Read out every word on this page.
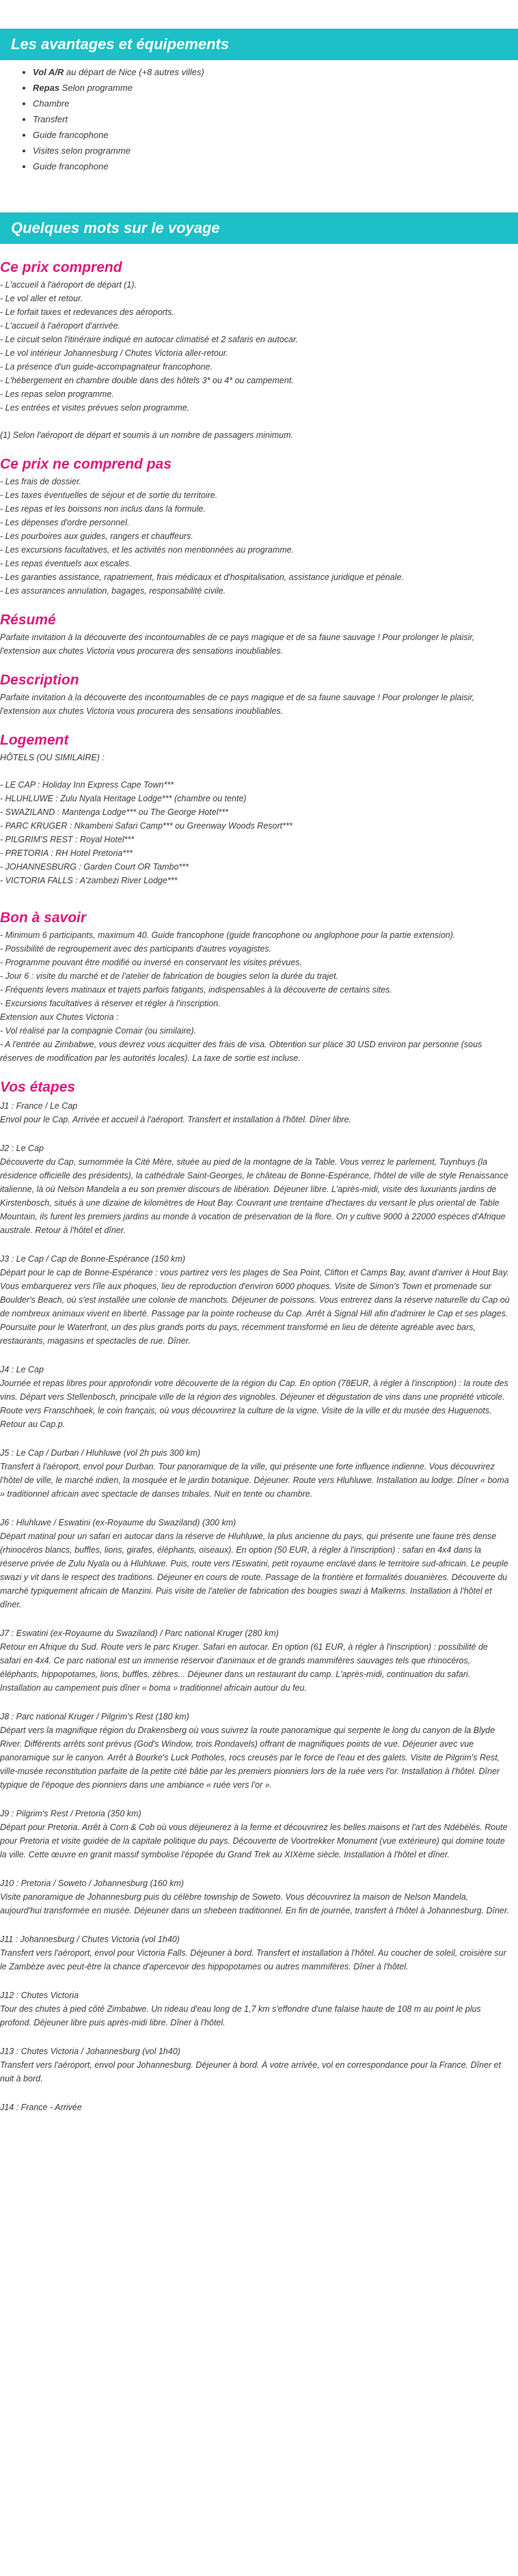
Les avantages et équipements
• Vol A/R au départ de Nice (+8 autres villes)
• Repas Selon programme
• Chambre
• Transfert
• Guide francophone
• Visites selon programme
• Guide francophone
Quelques mots sur le voyage
Ce prix comprend
- L'accueil à l'aéroport de départ (1).
- Le vol aller et retour.
- Le forfait taxes et redevances des aéroports.
- L'accueil à l'aéroport d'arrivée.
- Le circuit selon l'itinéraire indiqué en autocar climatisé et 2 safaris en autocar.
- Le vol intérieur Johannesburg / Chutes Victoria aller-retour.
- La présence d'un guide-accompagnateur francophone.
- L'hébergement en chambre double dans des hôtels 3* ou 4* ou campement.
- Les repas selon programme.
- Les entrées et visites prévues selon programme.
(1) Selon l'aéroport de départ et soumis à un nombre de passagers minimum.
Ce prix ne comprend pas
- Les frais de dossier.
- Les taxes éventuelles de séjour et de sortie du territoire.
- Les repas et les boissons non inclus dans la formule.
- Les dépenses d'ordre personnel.
- Les pourboires aux guides, rangers et chauffeurs.
- Les excursions facultatives, et les activités non mentionnées au programme.
- Les repas éventuels aux escales.
- Les garanties assistance, rapatriement, frais médicaux et d'hospitalisation, assistance juridique et pénale.
- Les assurances annulation, bagages, responsabilité civile.
Résumé
Parfaite invitation à la découverte des incontournables de ce pays magique et de sa faune sauvage ! Pour prolonger le plaisir, l'extension aux chutes Victoria vous procurera des sensations inoubliables.
Description
Parfaite invitation à la découverte des incontournables de ce pays magique et de sa faune sauvage ! Pour prolonger le plaisir, l'extension aux chutes Victoria vous procurera des sensations inoubliables.
Logement
HÔTELS (OU SIMILAIRE) :
- LE CAP : Holiday Inn Express Cape Town***
- HLUHLUWE : Zulu Nyala Heritage Lodge*** (chambre ou tente)
- SWAZILAND : Mantenga Lodge*** ou The George Hotel***
- PARC KRUGER : Nkambeni Safari Camp*** ou Greenway Woods Resort***
- PILGRIM'S REST : Royal Hotel***
- PRETORIA : RH Hotel Pretoria***
- JOHANNESBURG : Garden Court OR Tambo***
- VICTORIA FALLS : A'zambezi River Lodge***
Bon à savoir
- Minimum 6 participants, maximum 40. Guide francophone (guide francophone ou anglophone pour la partie extension).
- Possibilité de regroupement avec des participants d'autres voyagistes.
- Programme pouvant être modifié ou inversé en conservant les visites prévues.
- Jour 6 : visite du marché et de l'atelier de fabrication de bougies selon la durée du trajet.
- Fréquents levers matinaux et trajets parfois fatigants, indispensables à la découverte de certains sites.
- Excursions facultatives à réserver et régler à l'inscription.
Extension aux Chutes Victoria :
- Vol réalisé par la compagnie Comair (ou similaire).
- A l'entrée au Zimbabwe, vous devrez vous acquitter des frais de visa. Obtention sur place 30 USD environ par personne (sous réserves de modification par les autorités locales). La taxe de sortie est incluse.
Vos étapes
J1 : France / Le Cap
Envol pour le Cap. Arrivée et accueil à l'aéroport. Transfert et installation à l'hôtel. Dîner libre.
J2 : Le Cap
Découverte du Cap, surnommée la Cité Mère, située au pied de la montagne de la Table. Vous verrez le parlement, Tuynhuys (la résidence officielle des présidents), la cathédrale Saint-Georges, le château de Bonne-Espérance, l'hôtel de ville de style Renaissance italienne, là où Nelson Mandela a eu son premier discours de libération. Déjeuner libre. L'après-midi, visite des luxuriants jardins de Kirstenbosch, situés à une dizaine de kilomètres de Hout Bay. Couvrant une trentaine d'hectares du versant le plus oriental de Table Mountain, ils furent les premiers jardins au monde à vocation de préservation de la flore. On y cultive 9000 à 22000 espèces d'Afrique australe. Retour à l'hôtel et dîner.
J3 : Le Cap / Cap de Bonne-Espérance (150 km)
Départ pour le cap de Bonne-Espérance : vous partirez vers les plages de Sea Point, Clifton et Camps Bay, avant d'arriver à Hout Bay. Vous embarquerez vers l'île aux phoques, lieu de reproduction d'environ 6000 phoques. Visite de Simon's Town et promenade sur Boulder's Beach, où s'est installée une colonie de manchots. Déjeuner de poissons. Vous entrerez dans la réserve naturelle du Cap où de nombreux animaux vivent en liberté. Passage par la pointe rocheuse du Cap. Arrêt à Signal Hill afin d'admirer le Cap et ses plages. Poursuite pour le Waterfront, un des plus grands ports du pays, récemment transformé en lieu de détente agréable avec bars, restaurants, magasins et spectacles de rue. Dîner.
J4 : Le Cap
Journée et repas libres pour approfondir votre découverte de la région du Cap. En option (78EUR, à régler à l'inscription) : la route des vins. Départ vers Stellenbosch, principale ville de la région des vignobles. Déjeuner et dégustation de vins dans une propriété viticole. Route vers Franschhoek, le coin français, où vous découvrirez la culture de la vigne. Visite de la ville et du musée des Huguenots. Retour au Cap.p.
J5 : Le Cap / Durban / Hluhluwe (vol 2h puis 300 km)
Transfert à l'aéroport, envol pour Durban. Tour panoramique de la ville, qui présente une forte influence indienne. Vous découvrirez l'hôtel de ville, le marché indien, la mosquée et le jardin botanique. Déjeuner. Route vers Hluhluwe. Installation au lodge. Dîner « boma » traditionnel africain avec spectacle de danses tribales. Nuit en tente ou chambre.
J6 : Hluhluwe / Eswatini (ex-Royaume du Swaziland) (300 km)
Départ matinal pour un safari en autocar dans la réserve de Hluhluwe, la plus ancienne du pays, qui présente une faune très dense (rhinocéros blancs, buffles, lions, girafes, éléphants, oiseaux). En option (50 EUR, à régler à l'inscription) : safari en 4x4 dans la réserve privée de Zulu Nyala ou à Hluhluwe. Puis, route vers l'Eswatini, petit royaume enclavé dans le territoire sud-africain. Le peuple swazi y vit dans le respect des traditions. Déjeuner en cours de route. Passage de la frontière et formalités douanières. Découverte du marché typiquement africain de Manzini. Puis visite de l'atelier de fabrication des bougies swazi à Malkerns. Installation à l'hôtel et dîner.
J7 : Eswatini (ex-Royaume du Swaziland) / Parc national Kruger (280 km)
Retour en Afrique du Sud. Route vers le parc Kruger. Safari en autocar. En option (61 EUR, à régler à l'inscription) : possibilité de safari en 4x4. Ce parc national est un immense réservoir d'animaux et de grands mammifères sauvages tels que rhinocéros, éléphants, hippopotames, lions, buffles, zèbres... Déjeuner dans un restaurant du camp. L'après-midi, continuation du safari. Installation au campement puis dîner « boma » traditionnel africain autour du feu.
J8 : Parc national Kruger / Pilgrim's Rest (180 km)
Départ vers la magnifique région du Drakensberg où vous suivrez la route panoramique qui serpente le long du canyon de la Blyde River. Différents arrêts sont prévus (God's Window, trois Rondavels) offrant de magnifiques points de vue. Déjeuner avec vue panoramique sur le canyon. Arrêt à Bourke's Luck Potholes, rocs creusés par le force de l'eau et des galets. Visite de Pilgrim's Rest, ville-musée reconstitution parfaite de la petite cité bâtie par les premiers pionniers lors de la ruée vers l'or. Installation à l'hôtel. Dîner typique de l'époque des pionniers dans une ambiance « ruée vers l'or ».
J9 : Pilgrim's Rest / Pretoria (350 km)
Départ pour Pretoria. Arrêt à Corn & Cob où vous déjeunerez à la ferme et découvrirez les belles maisons et l'art des Ndébélés. Route pour Pretoria et visite guidée de la capitale politique du pays. Découverte de Voortrekker Monument (vue extérieure) qui domine toute la ville. Cette œuvre en granit massif symbolise l'épopée du Grand Trek au XIXème siècle. Installation à l'hôtel et dîner.
J10 : Pretoria / Soweto / Johannesburg (160 km)
Visite panoramique de Johannesburg puis du célèbre township de Soweto. Vous découvrirez la maison de Nelson Mandela, aujourd'hui transformée en musée. Déjeuner dans un shebeen traditionnel. En fin de journée, transfert à l'hôtel à Johannesburg. Dîner.
J11 : Johannesburg / Chutes Victoria (vol 1h40)
Transfert vers l'aéroport, envol pour Victoria Falls. Déjeuner à bord. Transfert et installation à l'hôtel. Au coucher de soleil, croisière sur le Zambèze avec peut-être la chance d'apercevoir des hippopotames ou autres mammifères. Dîner à l'hôtel.
J12 : Chutes Victoria
Tour des chutes à pied côté Zimbabwe. Un rideau d'eau long de 1,7 km s'effondre d'une falaise haute de 108 m au point le plus profond. Déjeuner libre puis après-midi libre. Dîner à l'hôtel.
J13 : Chutes Victoria / Johannesburg (vol 1h40)
Transfert vers l'aéroport, envol pour Johannesburg. Déjeuner à bord. À votre arrivée, vol en correspondance pour la France. Dîner et nuit à bord.
J14 : France - Arrivée
